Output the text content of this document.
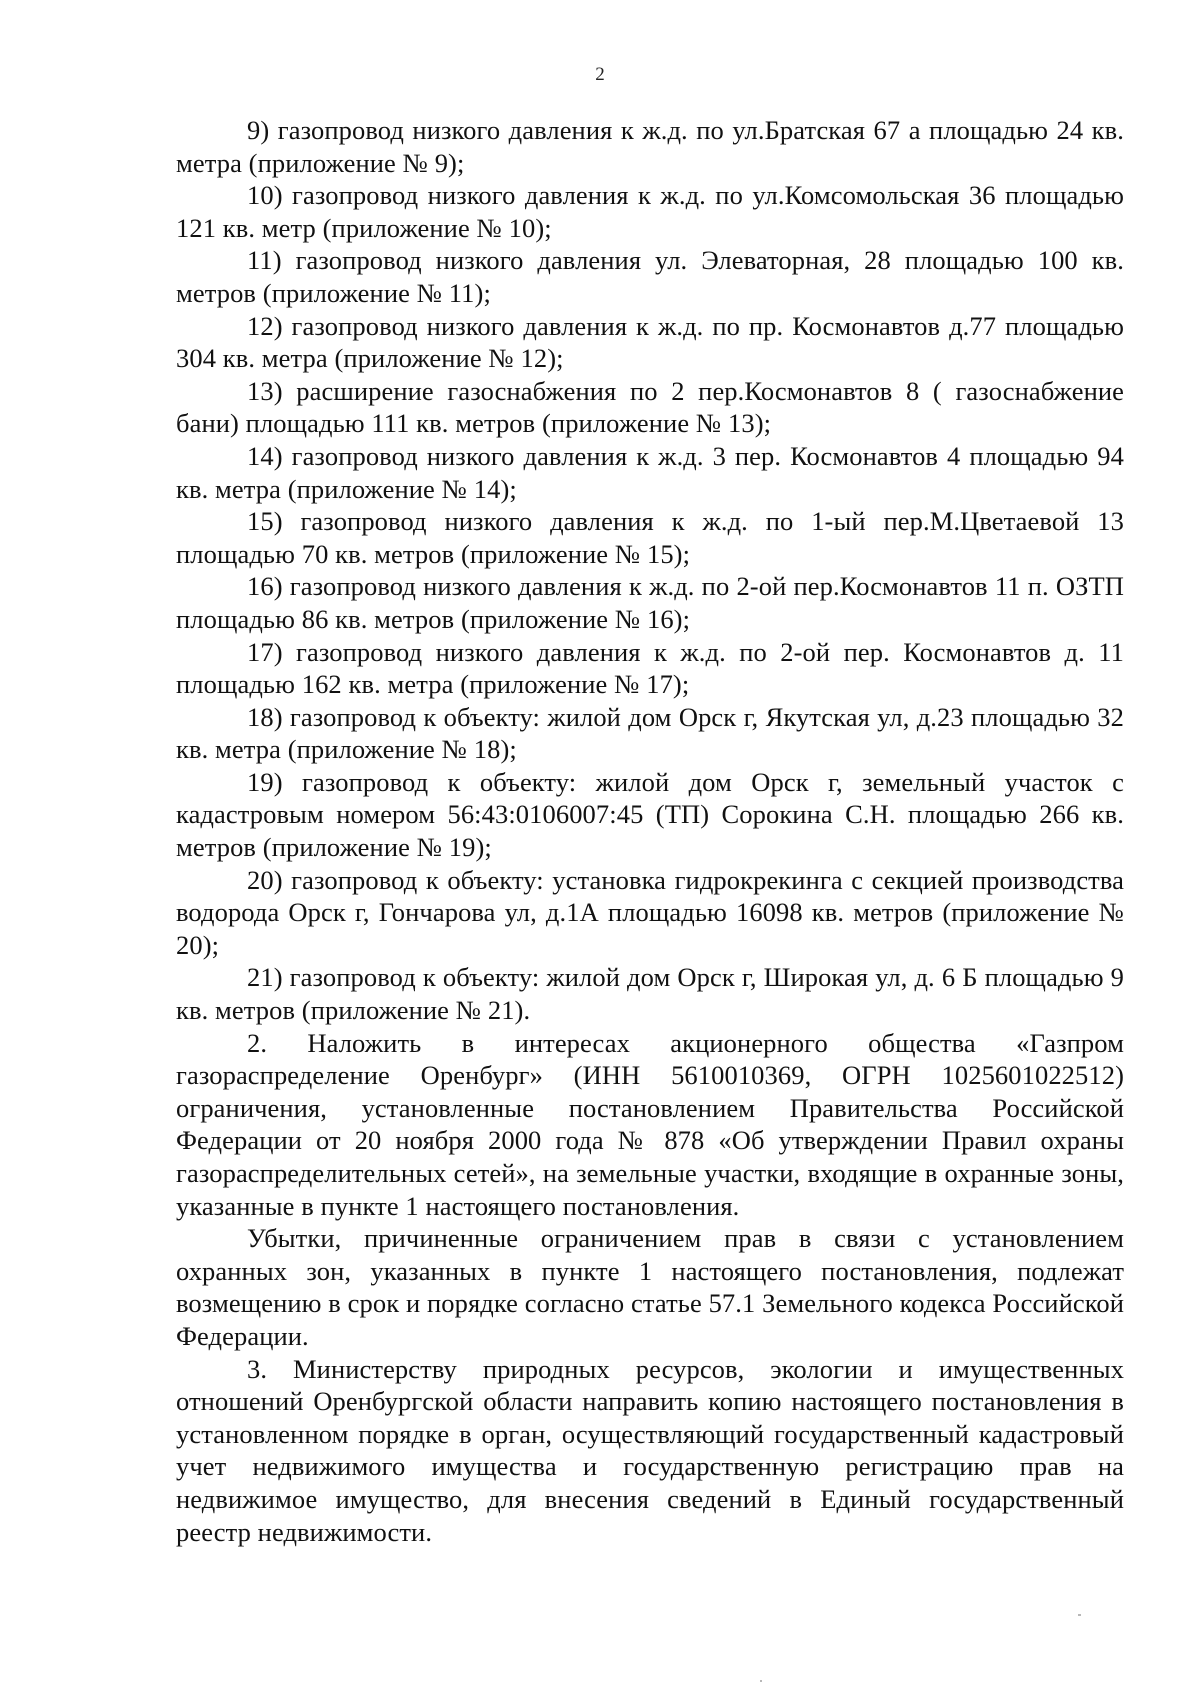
2

9) газопровод низкого давления к ж.д. по ул.Братская 67 а площадью 24 кв. метра (приложение № 9);

10) газопровод низкого давления к ж.д. по ул.Комсомольская 36 площадью 121 кв. метр (приложение № 10);

11) газопровод низкого давления ул. Элеваторная, 28 площадью 100 кв. метров (приложение № 11);

12) газопровод низкого давления к ж.д. по пр. Космонавтов д.77 площадью 304 кв. метра (приложение № 12);

13) расширение газоснабжения по 2 пер.Космонавтов 8 ( газоснабжение бани) площадью 111 кв. метров (приложение № 13);

14) газопровод низкого давления к ж.д. 3 пер. Космонавтов 4 площадью 94 кв. метра (приложение № 14);

15) газопровод низкого давления к ж.д. по 1-ый пер.М.Цветаевой 13 площадью 70 кв. метров (приложение № 15);

16) газопровод низкого давления к ж.д. по 2-ой пер.Космонавтов 11 п. ОЗТП площадью 86 кв. метров (приложение № 16);

17) газопровод низкого давления к ж.д. по 2-ой пер. Космонавтов д. 11 площадью 162 кв. метра (приложение № 17);

18) газопровод к объекту: жилой дом Орск г, Якутская ул, д.23 площадью 32 кв. метра (приложение № 18);

19) газопровод к объекту: жилой дом Орск г, земельный участок с кадастровым номером 56:43:0106007:45 (ТП) Сорокина С.Н. площадью 266 кв. метров (приложение № 19);

20) газопровод к объекту: установка гидрокрекинга с секцией производства водорода Орск г, Гончарова ул, д.1А площадью 16098 кв. метров (приложение № 20);

21) газопровод к объекту: жилой дом Орск г, Широкая ул, д. 6 Б площадью 9 кв. метров (приложение № 21).

2. Наложить в интересах акционерного общества «Газпром газораспределение Оренбург» (ИНН 5610010369, ОГРН 1025601022512) ограничения, установленные постановлением Правительства Российской Федерации от 20 ноября 2000 года № 878 «Об утверждении Правил охраны газораспределительных сетей», на земельные участки, входящие в охранные зоны, указанные в пункте 1 настоящего постановления.

Убытки, причиненные ограничением прав в связи с установлением охранных зон, указанных в пункте 1 настоящего постановления, подлежат возмещению в срок и порядке согласно статье 57.1 Земельного кодекса Российской Федерации.

3. Министерству природных ресурсов, экологии и имущественных отношений Оренбургской области направить копию настоящего постановления в установленном порядке в орган, осуществляющий государственный кадастровый учет недвижимого имущества и государственную регистрацию прав на недвижимое имущество, для внесения сведений в Единый государственный реестр недвижимости.
